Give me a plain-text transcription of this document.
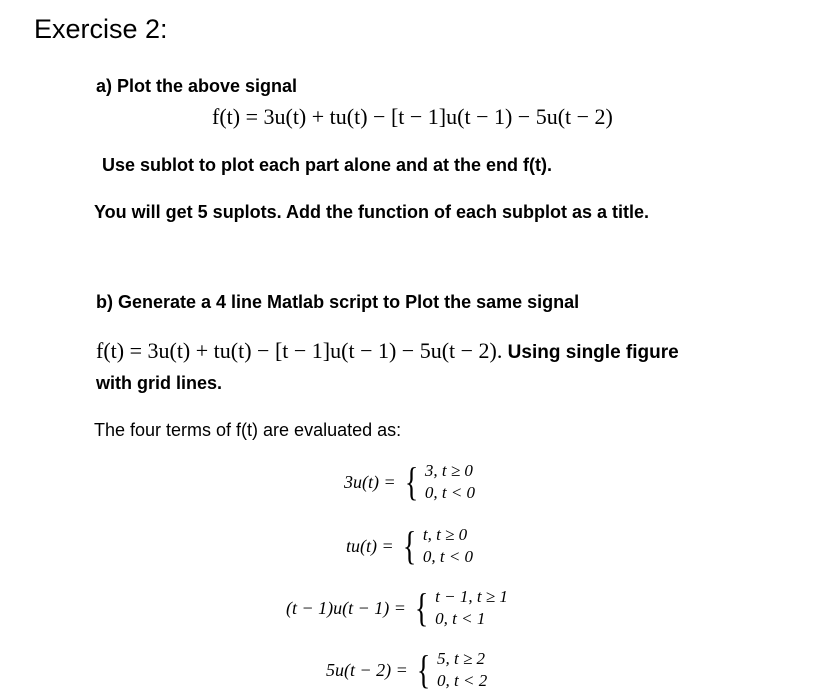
Exercise 2:
a) Plot the above signal
f(t) = 3u(t) + tu(t) − [t − 1]u(t − 1) − 5u(t − 2)
Use sublot to plot each part alone and at the end f(t).
You will get 5 suplots. Add the function of each subplot as a title.
b) Generate a 4 line Matlab script to Plot the same signal
f(t) = 3u(t) + tu(t) − [t − 1]u(t − 1) − 5u(t − 2). Using single figure
with grid lines.
The four terms of f(t) are evaluated as:
3u(t) = { 3, t ≥ 0
0, t < 0
tu(t) = { t, t ≥ 0
0, t < 0
(t − 1)u(t − 1) = { t − 1, t ≥ 1
0, t < 1
5u(t − 2) = { 5, t ≥ 2
0, t < 2
